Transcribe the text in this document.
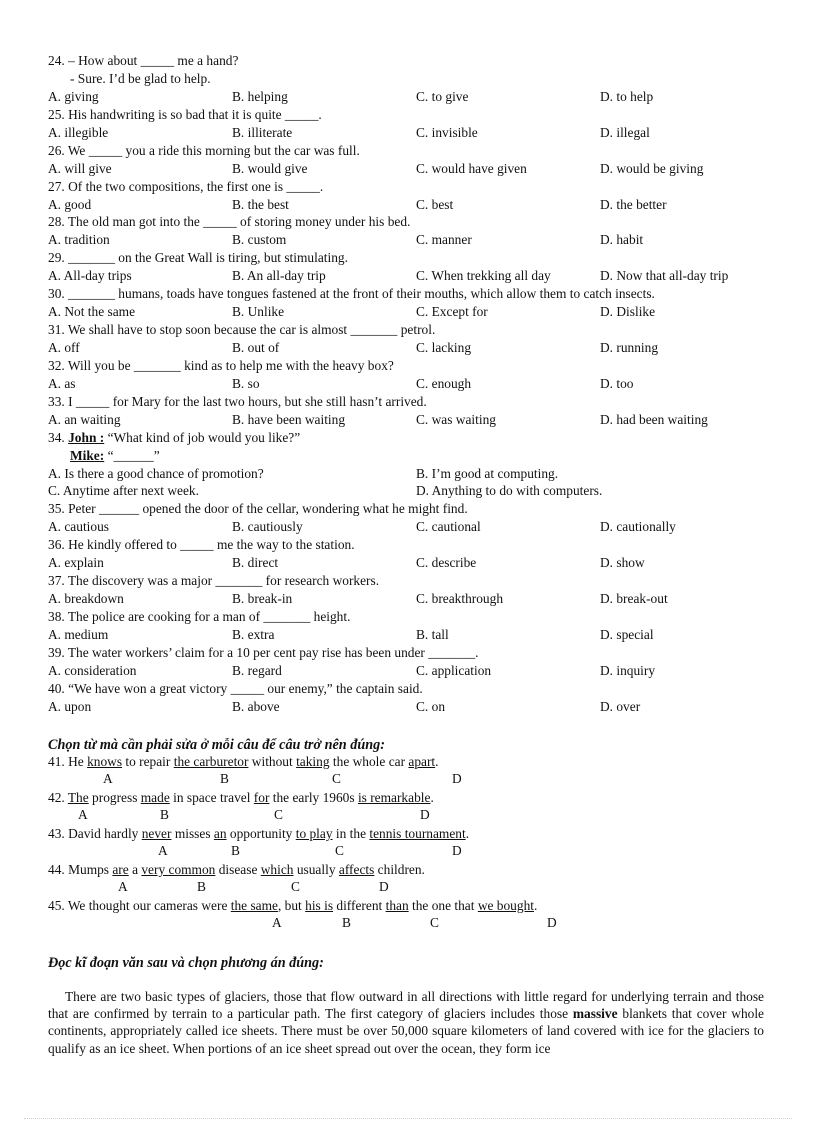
24. – How about _____ me a hand?
- Sure. I’d be glad to help.
A. giving	B. helping	C. to give	D. to help
25. His handwriting is so bad that it is quite _____.
A. illegible	B. illiterate	C. invisible	D. illegal
26. We _____ you a ride this morning but the car was full.
A. will give	B. would give	C. would have given	D. would be giving
27. Of the two compositions, the first one is _____.
A. good	B. the best	C. best	D. the better
28. The old man got into the _____ of storing money under his bed.
A. tradition	B. custom	C. manner	D. habit
29. _______ on the Great Wall is tiring, but stimulating.
A. All-day trips	B. An all-day trip	C. When trekking all day	D. Now that all-day trip
30. _______ humans, toads have tongues fastened at the front of their mouths, which allow them to catch insects.
A. Not the same	B. Unlike	C. Except for	D. Dislike
31. We shall have to stop soon because the car is almost _______ petrol.
A. off	B. out of	C. lacking	D. running
32. Will you be _______ kind as to help me with the heavy box?
A. as	B. so	C. enough	D. too
33. I _____ for Mary for the last two hours, but she still hasn’t arrived.
A. an waiting	B. have been waiting	C. was waiting	D. had been waiting
34. John : “What kind of job would you like?”
Mike: “______”
A. Is there a good chance of promotion?	B. I’m good at computing.
C. Anytime after next week.	D. Anything to do with computers.
35. Peter ______ opened the door of the cellar, wondering what he might find.
A. cautious	B. cautiously	C. cautional	D. cautionally
36. He kindly offered to _____ me the way to the station.
A. explain	B. direct	C. describe	D. show
37. The discovery was a major _______ for research workers.
A. breakdown	B. break-in	C. breakthrough	D. break-out
38. The police are cooking for a man of _______ height.
A. medium	B. extra	B. tall	D. special
39. The water workers’ claim for a 10 per cent pay rise has been under _______.
A. consideration	B. regard	C. application	D. inquiry
40. “We have won a great victory _____ our enemy,” the captain said.
A. upon	B. above	C. on	D. over
Chọn từ mà cần phải sửa ở mỗi câu để câu trở nên đúng:
41. He knows to repair the carburetor without taking the whole car apart.
A	B	C	D
42. The progress made in space travel for the early 1960s is remarkable.
A	B	C	D
43. David hardly never misses an opportunity to play in the tennis tournament.
A	B	C	D
44. Mumps are a very common disease which usually affects children.
A	B	C	D
45. We thought our cameras were the same, but his is different than the one that we bought.
A	B	C	D
Đọc kĩ đoạn văn sau và chọn phương án đúng:
There are two basic types of glaciers, those that flow outward in all directions with little regard for underlying terrain and those that are confirmed by terrain to a particular path. The first category of glaciers includes those massive blankets that cover whole continents, appropriately called ice sheets. There must be over 50,000 square kilometers of land covered with ice for the glaciers to qualify as an ice sheet. When portions of an ice sheet spread out over the ocean, they form ice
